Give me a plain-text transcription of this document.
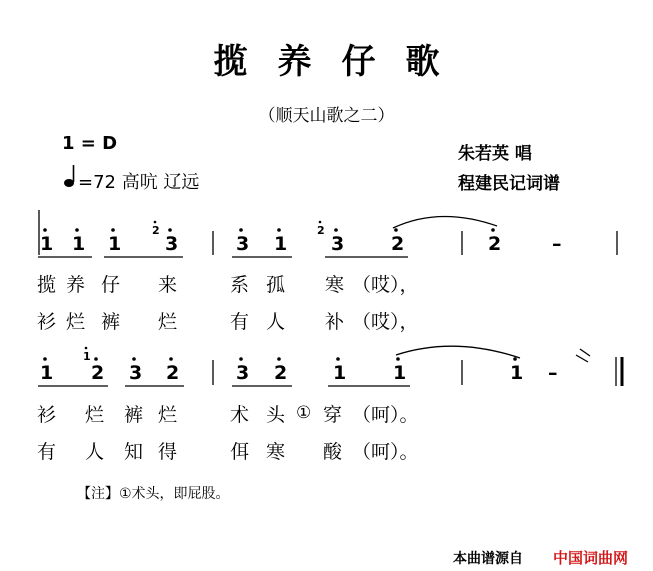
揽养仔歌
（顺天山歌之二）
1 = D
=72 高吭 辽远
朱若英 唱
程建民记词谱
1 1 1
2
3	3 1
2
3 2	2	–
揽 养 仔 来	系 孤 寒 （哎），
衫 烂 裤 烂	有 人 补 （哎），
1
1
2 3 2	3 2 1 1	1 –
衫 烂 裤 烂	术 头 ① 穿 （呵）。
有 人 知 得	佴 寒 酸 （呵）。
【注】①术头，即屁股。
本曲谱源自 中国词曲网
